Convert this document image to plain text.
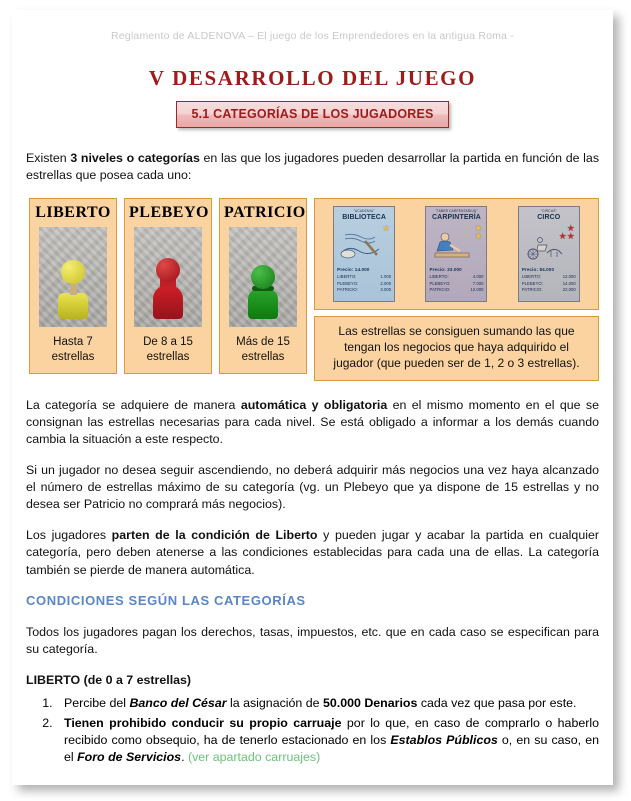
Reglamento de ALDENOVA – El juego de los Emprendedores en la antigua Roma -
V DESARROLLO DEL JUEGO
5.1 CATEGORÍAS DE LOS JUGADORES

Existen 3 niveles o categorías en las que los jugadores pueden desarrollar la partida en función de las estrellas que posea cada uno:

LIBERTO
Hasta 7 estrellas
PLEBEYO
De 8 a 15 estrellas
PATRICIO
Más de 15 estrellas
"ACADEMIA"
BIBLIOTECA
★
Precio: 14.000
LIBERTO:	1.000
PLEBEYO:	2.000
PATRICIO:	3.000
"TABER CARPENTARIUS"
CARPINTERÍA
★
★
Precio: 33.000
LIBERTO:	4.000
PLEBEYO:	7.000
PATRICIO:	12.000
"CIRCUS"
CIRCO
★
★★
Precio: 84.000
LIBERTO:	12.000
PLEBEYO:	14.000
PATRICIO:	22.000
Las estrellas se consiguen sumando las que tengan los negocios que haya adquirido el jugador (que pueden ser de 1, 2 o 3 estrellas).

La categoría se adquiere de manera automática y obligatoria en el mismo momento en el que se consignan las estrellas necesarias para cada nivel. Se está obligado a informar a los demás cuando cambia la situación a este respecto.

Si un jugador no desea seguir ascendiendo, no deberá adquirir más negocios una vez haya alcanzado el número de estrellas máximo de su categoría (vg. un Plebeyo que ya dispone de 15 estrellas y no desea ser Patricio no comprará más negocios).

Los jugadores parten de la condición de Liberto y pueden jugar y acabar la partida en cualquier categoría, pero deben atenerse a las condiciones establecidas para cada una de ellas. La categoría también se pierde de manera automática.

CONDICIONES SEGÚN LAS CATEGORÍAS

Todos los jugadores pagan los derechos, tasas, impuestos, etc. que en cada caso se especifican para su categoría.

LIBERTO (de 0 a 7 estrellas)

1. Percibe del Banco del César la asignación de 50.000 Denarios cada vez que pasa por este.
2. Tienen prohibido conducir su propio carruaje por lo que, en caso de comprarlo o haberlo recibido como obsequio, ha de tenerlo estacionado en los Establos Públicos o, en su caso, en el Foro de Servicios. (ver apartado carruajes)
